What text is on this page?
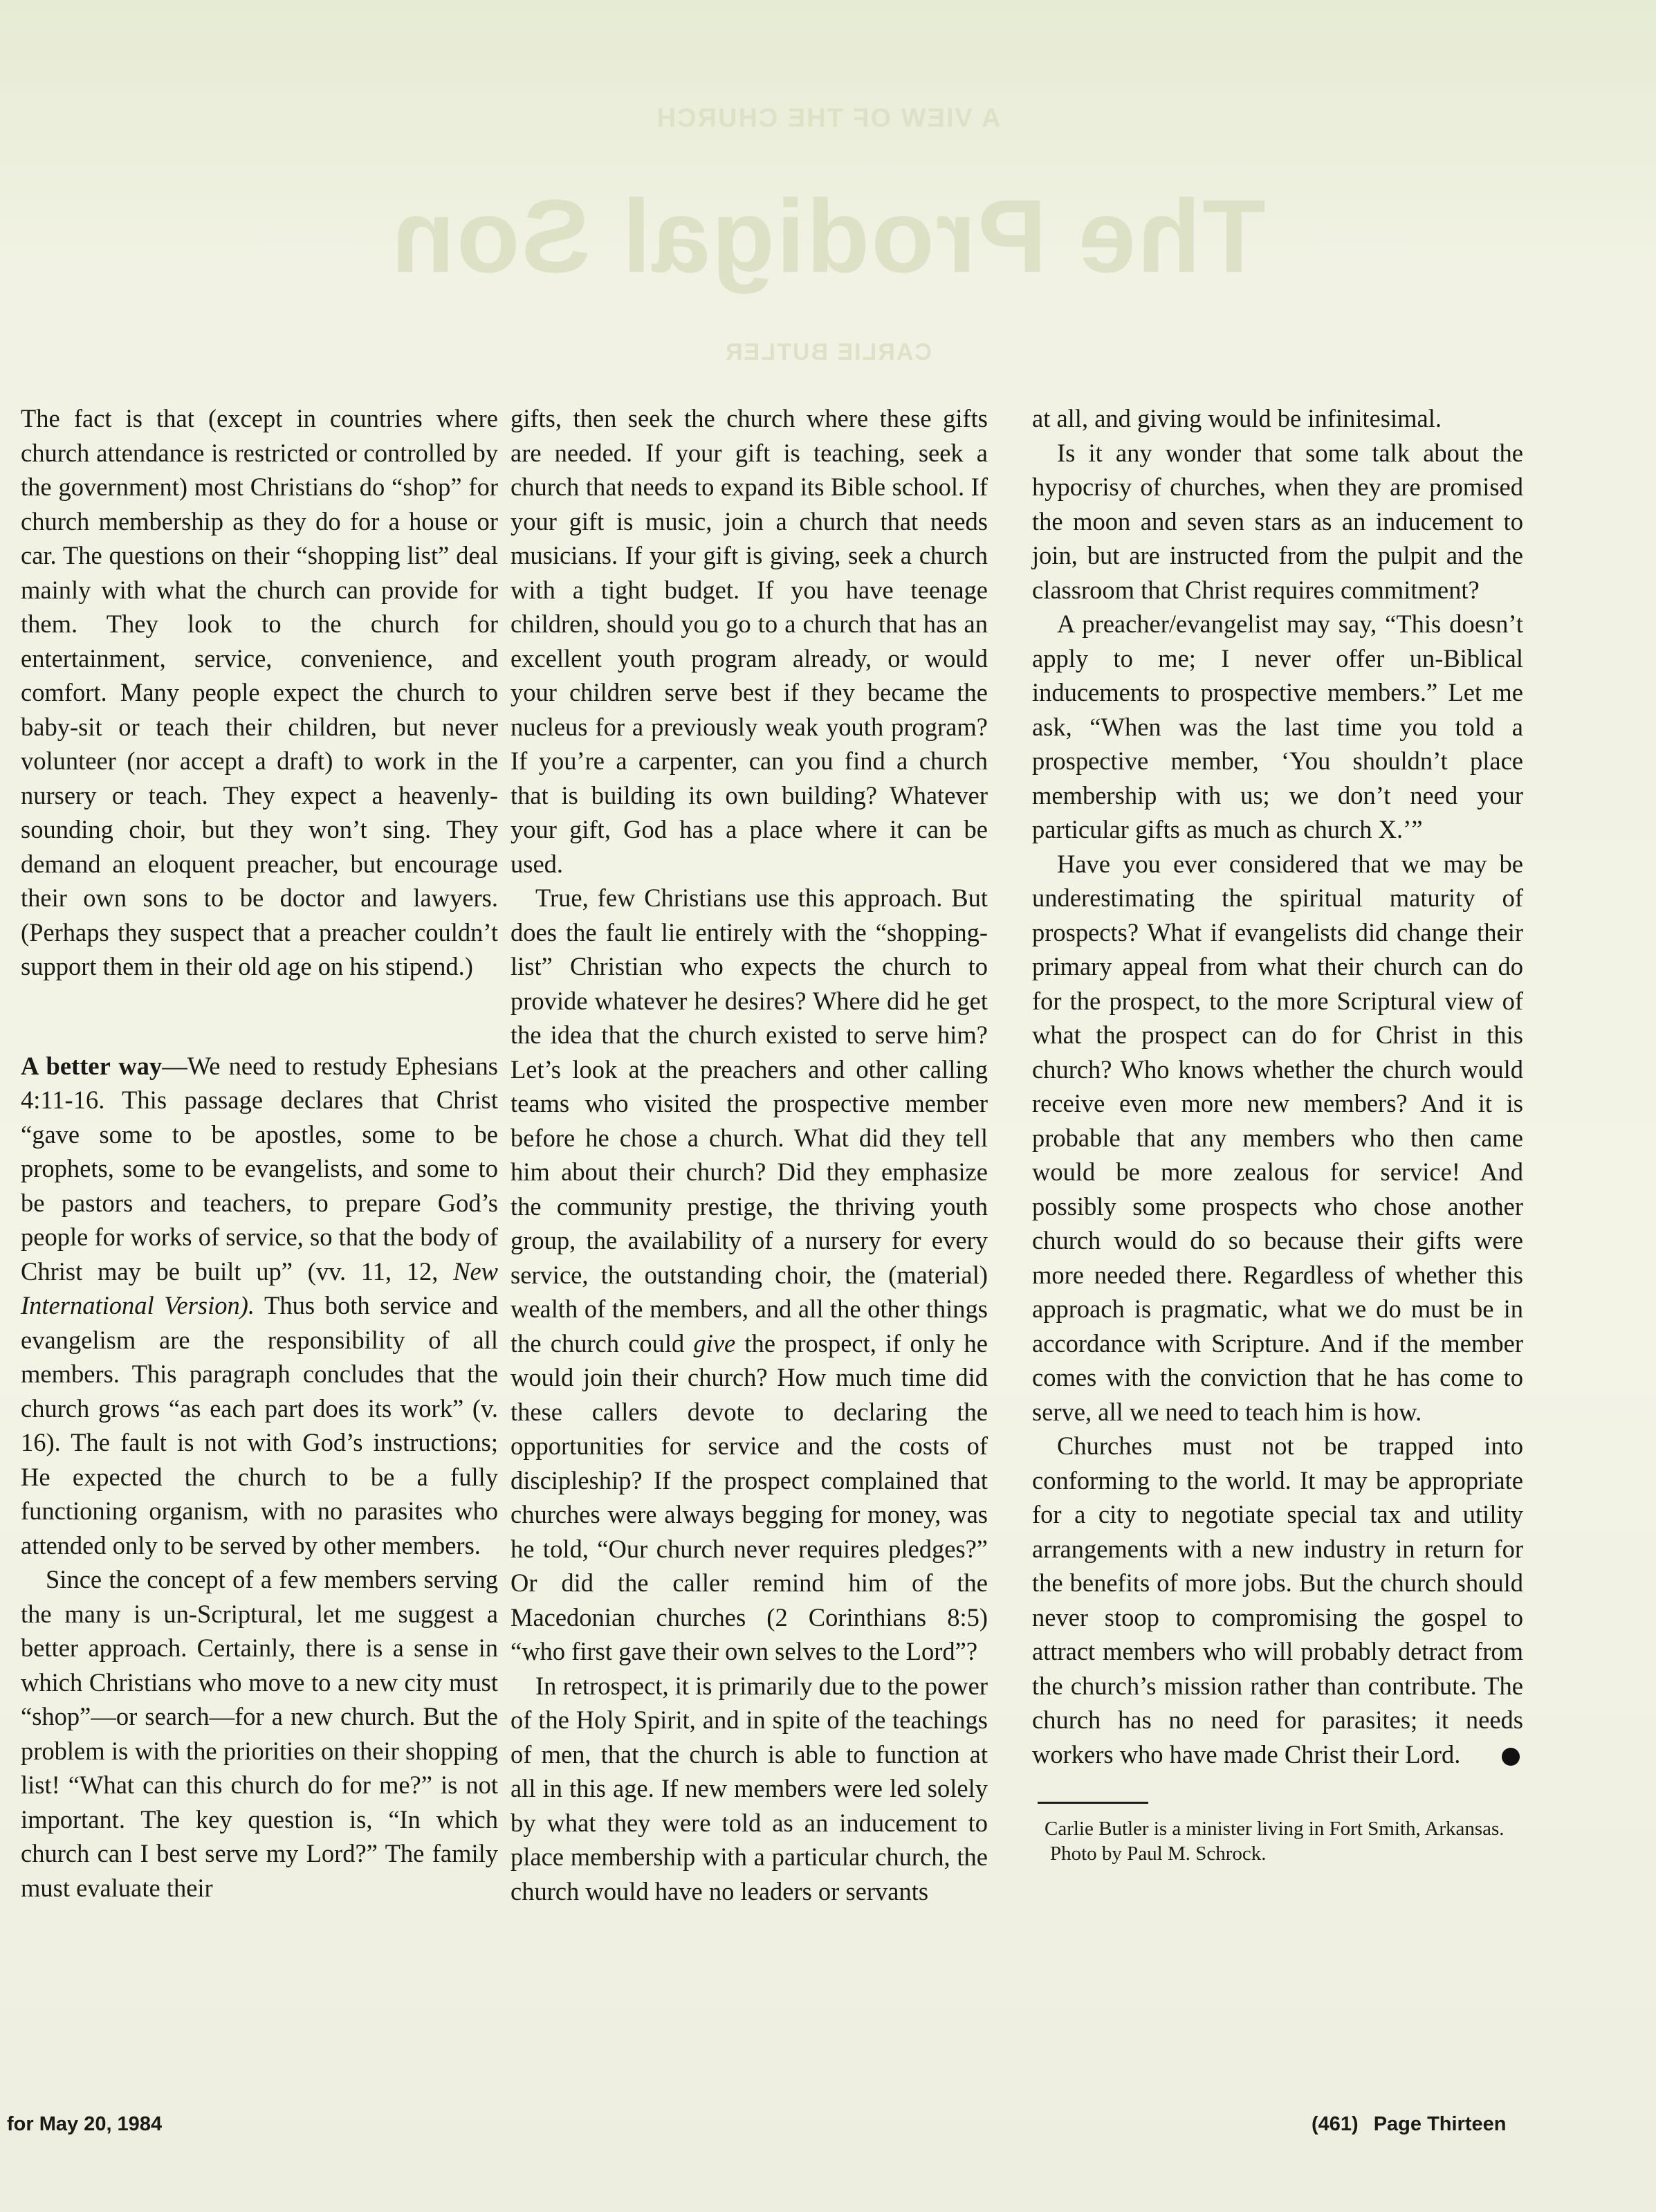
A VIEW OF THE CHURCH
The Prodigal Son
CARLIE BUTLER

The fact is that (except in countries where church attendance is restricted or controlled by the government) most Christians do “shop” for church membership as they do for a house or car. The questions on their “shopping list” deal mainly with what the church can provide for them. They look to the church for entertainment, service, convenience, and comfort. Many people expect the church to baby-sit or teach their children, but never volunteer (nor accept a draft) to work in the nursery or teach. They expect a heavenly-sounding choir, but they won’t sing. They demand an eloquent preacher, but encourage their own sons to be doctor and lawyers. (Perhaps they suspect that a preacher couldn’t support them in their old age on his stipend.)

A better way—We need to restudy Ephesians 4:11-16. This passage declares that Christ “gave some to be apostles, some to be prophets, some to be evangelists, and some to be pastors and teachers, to prepare God’s people for works of service, so that the body of Christ may be built up” (vv. 11, 12, New International Version). Thus both service and evangelism are the responsibility of all members. This paragraph concludes that the church grows “as each part does its work” (v. 16). The fault is not with God’s instructions; He expected the church to be a fully functioning organism, with no parasites who attended only to be served by other members.

Since the concept of a few members serving the many is un-Scriptural, let me suggest a better approach. Certainly, there is a sense in which Christians who move to a new city must “shop”—or search—for a new church. But the problem is with the priorities on their shopping list! “What can this church do for me?” is not important. The key question is, “In which church can I best serve my Lord?” The family must evaluate their

gifts, then seek the church where these gifts are needed. If your gift is teaching, seek a church that needs to expand its Bible school. If your gift is music, join a church that needs musicians. If your gift is giving, seek a church with a tight budget. If you have teenage children, should you go to a church that has an excellent youth program already, or would your children serve best if they became the nucleus for a previously weak youth program? If you’re a carpenter, can you find a church that is building its own building? Whatever your gift, God has a place where it can be used.

True, few Christians use this approach. But does the fault lie entirely with the “shopping-list” Christian who expects the church to provide whatever he desires? Where did he get the idea that the church existed to serve him? Let’s look at the preachers and other calling teams who visited the prospective member before he chose a church. What did they tell him about their church? Did they emphasize the community prestige, the thriving youth group, the availability of a nursery for every service, the outstanding choir, the (material) wealth of the members, and all the other things the church could give the prospect, if only he would join their church? How much time did these callers devote to declaring the opportunities for service and the costs of discipleship? If the prospect complained that churches were always begging for money, was he told, “Our church never requires pledges?” Or did the caller remind him of the Macedonian churches (2 Corinthians 8:5) “who first gave their own selves to the Lord”?

In retrospect, it is primarily due to the power of the Holy Spirit, and in spite of the teachings of men, that the church is able to function at all in this age. If new members were led solely by what they were told as an inducement to place membership with a particular church, the church would have no leaders or servants

at all, and giving would be infinitesimal.

Is it any wonder that some talk about the hypocrisy of churches, when they are promised the moon and seven stars as an inducement to join, but are instructed from the pulpit and the classroom that Christ requires commitment?

A preacher/evangelist may say, “This doesn’t apply to me; I never offer un-Biblical inducements to prospective members.” Let me ask, “When was the last time you told a prospective member, ‘You shouldn’t place membership with us; we don’t need your particular gifts as much as church X.’”

Have you ever considered that we may be underestimating the spiritual maturity of prospects? What if evangelists did change their primary appeal from what their church can do for the prospect, to the more Scriptural view of what the prospect can do for Christ in this church? Who knows whether the church would receive even more new members? And it is probable that any members who then came would be more zealous for service! And possibly some prospects who chose another church would do so because their gifts were more needed there. Regardless of whether this approach is pragmatic, what we do must be in accordance with Scripture. And if the member comes with the conviction that he has come to serve, all we need to teach him is how.

Churches must not be trapped into conforming to the world. It may be appropriate for a city to negotiate special tax and utility arrangements with a new industry in return for the benefits of more jobs. But the church should never stoop to compromising the gospel to attract members who will probably detract from the church’s mission rather than contribute. The church has no need for parasites; it needs workers who have made Christ their Lord.

Carlie Butler is a minister living in Fort Smith, Arkansas.

Photo by Paul M. Schrock.

for May 20, 1984	(461) Page Thirteen
